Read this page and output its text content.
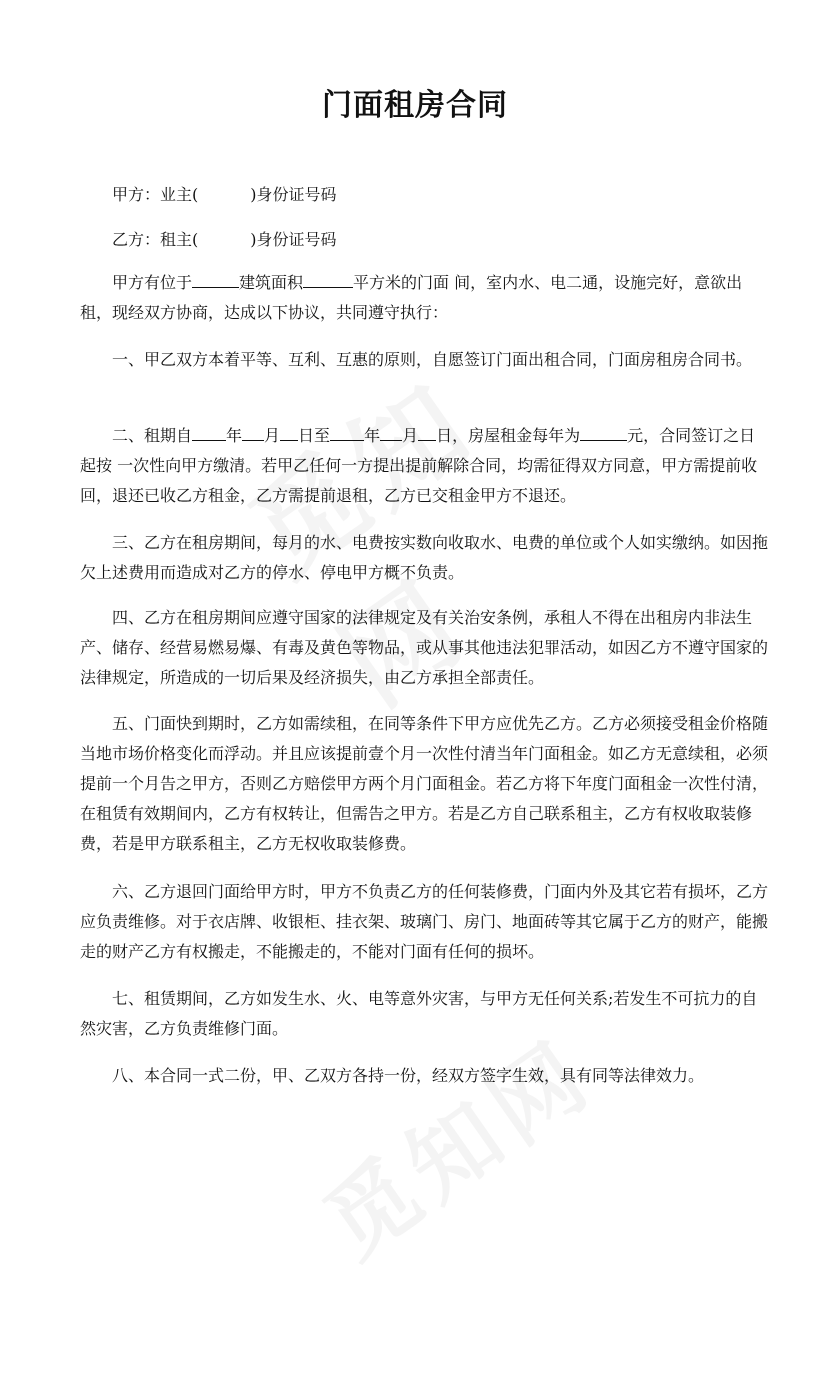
门面租房合同

甲方：业主(	)身份证号码

乙方：租主(	)身份证号码

甲方有位于	建筑面积	平方米的门面 间，室内水、电二通，设施完好，意欲出租，现经双方协商，达成以下协议，共同遵守执行：

一、甲乙双方本着平等、互利、互惠的原则，自愿签订门面出租合同，门面房租房合同书。

二、租期自 年 月 日至 年 月 日，房屋租金每年为	元，合同签订之日起按 一次性向甲方缴清。若甲乙任何一方提出提前解除合同，均需征得双方同意，甲方需提前收回，退还已收乙方租金，乙方需提前退租，乙方已交租金甲方不退还。

三、乙方在租房期间，每月的水、电费按实数向收取水、电费的单位或个人如实缴纳。如因拖欠上述费用而造成对乙方的停水、停电甲方概不负责。

四、乙方在租房期间应遵守国家的法律规定及有关治安条例，承租人不得在出租房内非法生产、储存、经营易燃易爆、有毒及黄色等物品，或从事其他违法犯罪活动，如因乙方不遵守国家的法律规定，所造成的一切后果及经济损失，由乙方承担全部责任。

五、门面快到期时，乙方如需续租，在同等条件下甲方应优先乙方。乙方必须接受租金价格随当地市场价格变化而浮动。并且应该提前壹个月一次性付清当年门面租金。如乙方无意续租，必须提前一个月告之甲方，否则乙方赔偿甲方两个月门面租金。若乙方将下年度门面租金一次性付清，在租赁有效期间内，乙方有权转让，但需告之甲方。若是乙方自己联系租主，乙方有权收取装修费，若是甲方联系租主，乙方无权收取装修费。

六、乙方退回门面给甲方时，甲方不负责乙方的任何装修费，门面内外及其它若有损坏，乙方应负责维修。对于衣店牌、收银柜、挂衣架、玻璃门、房门、地面砖等其它属于乙方的财产，能搬走的财产乙方有权搬走，不能搬走的，不能对门面有任何的损坏。

七、租赁期间，乙方如发生水、火、电等意外灾害，与甲方无任何关系;若发生不可抗力的自然灾害，乙方负责维修门面。

八、本合同一式二份，甲、乙双方各持一份，经双方签字生效，具有同等法律效力。
